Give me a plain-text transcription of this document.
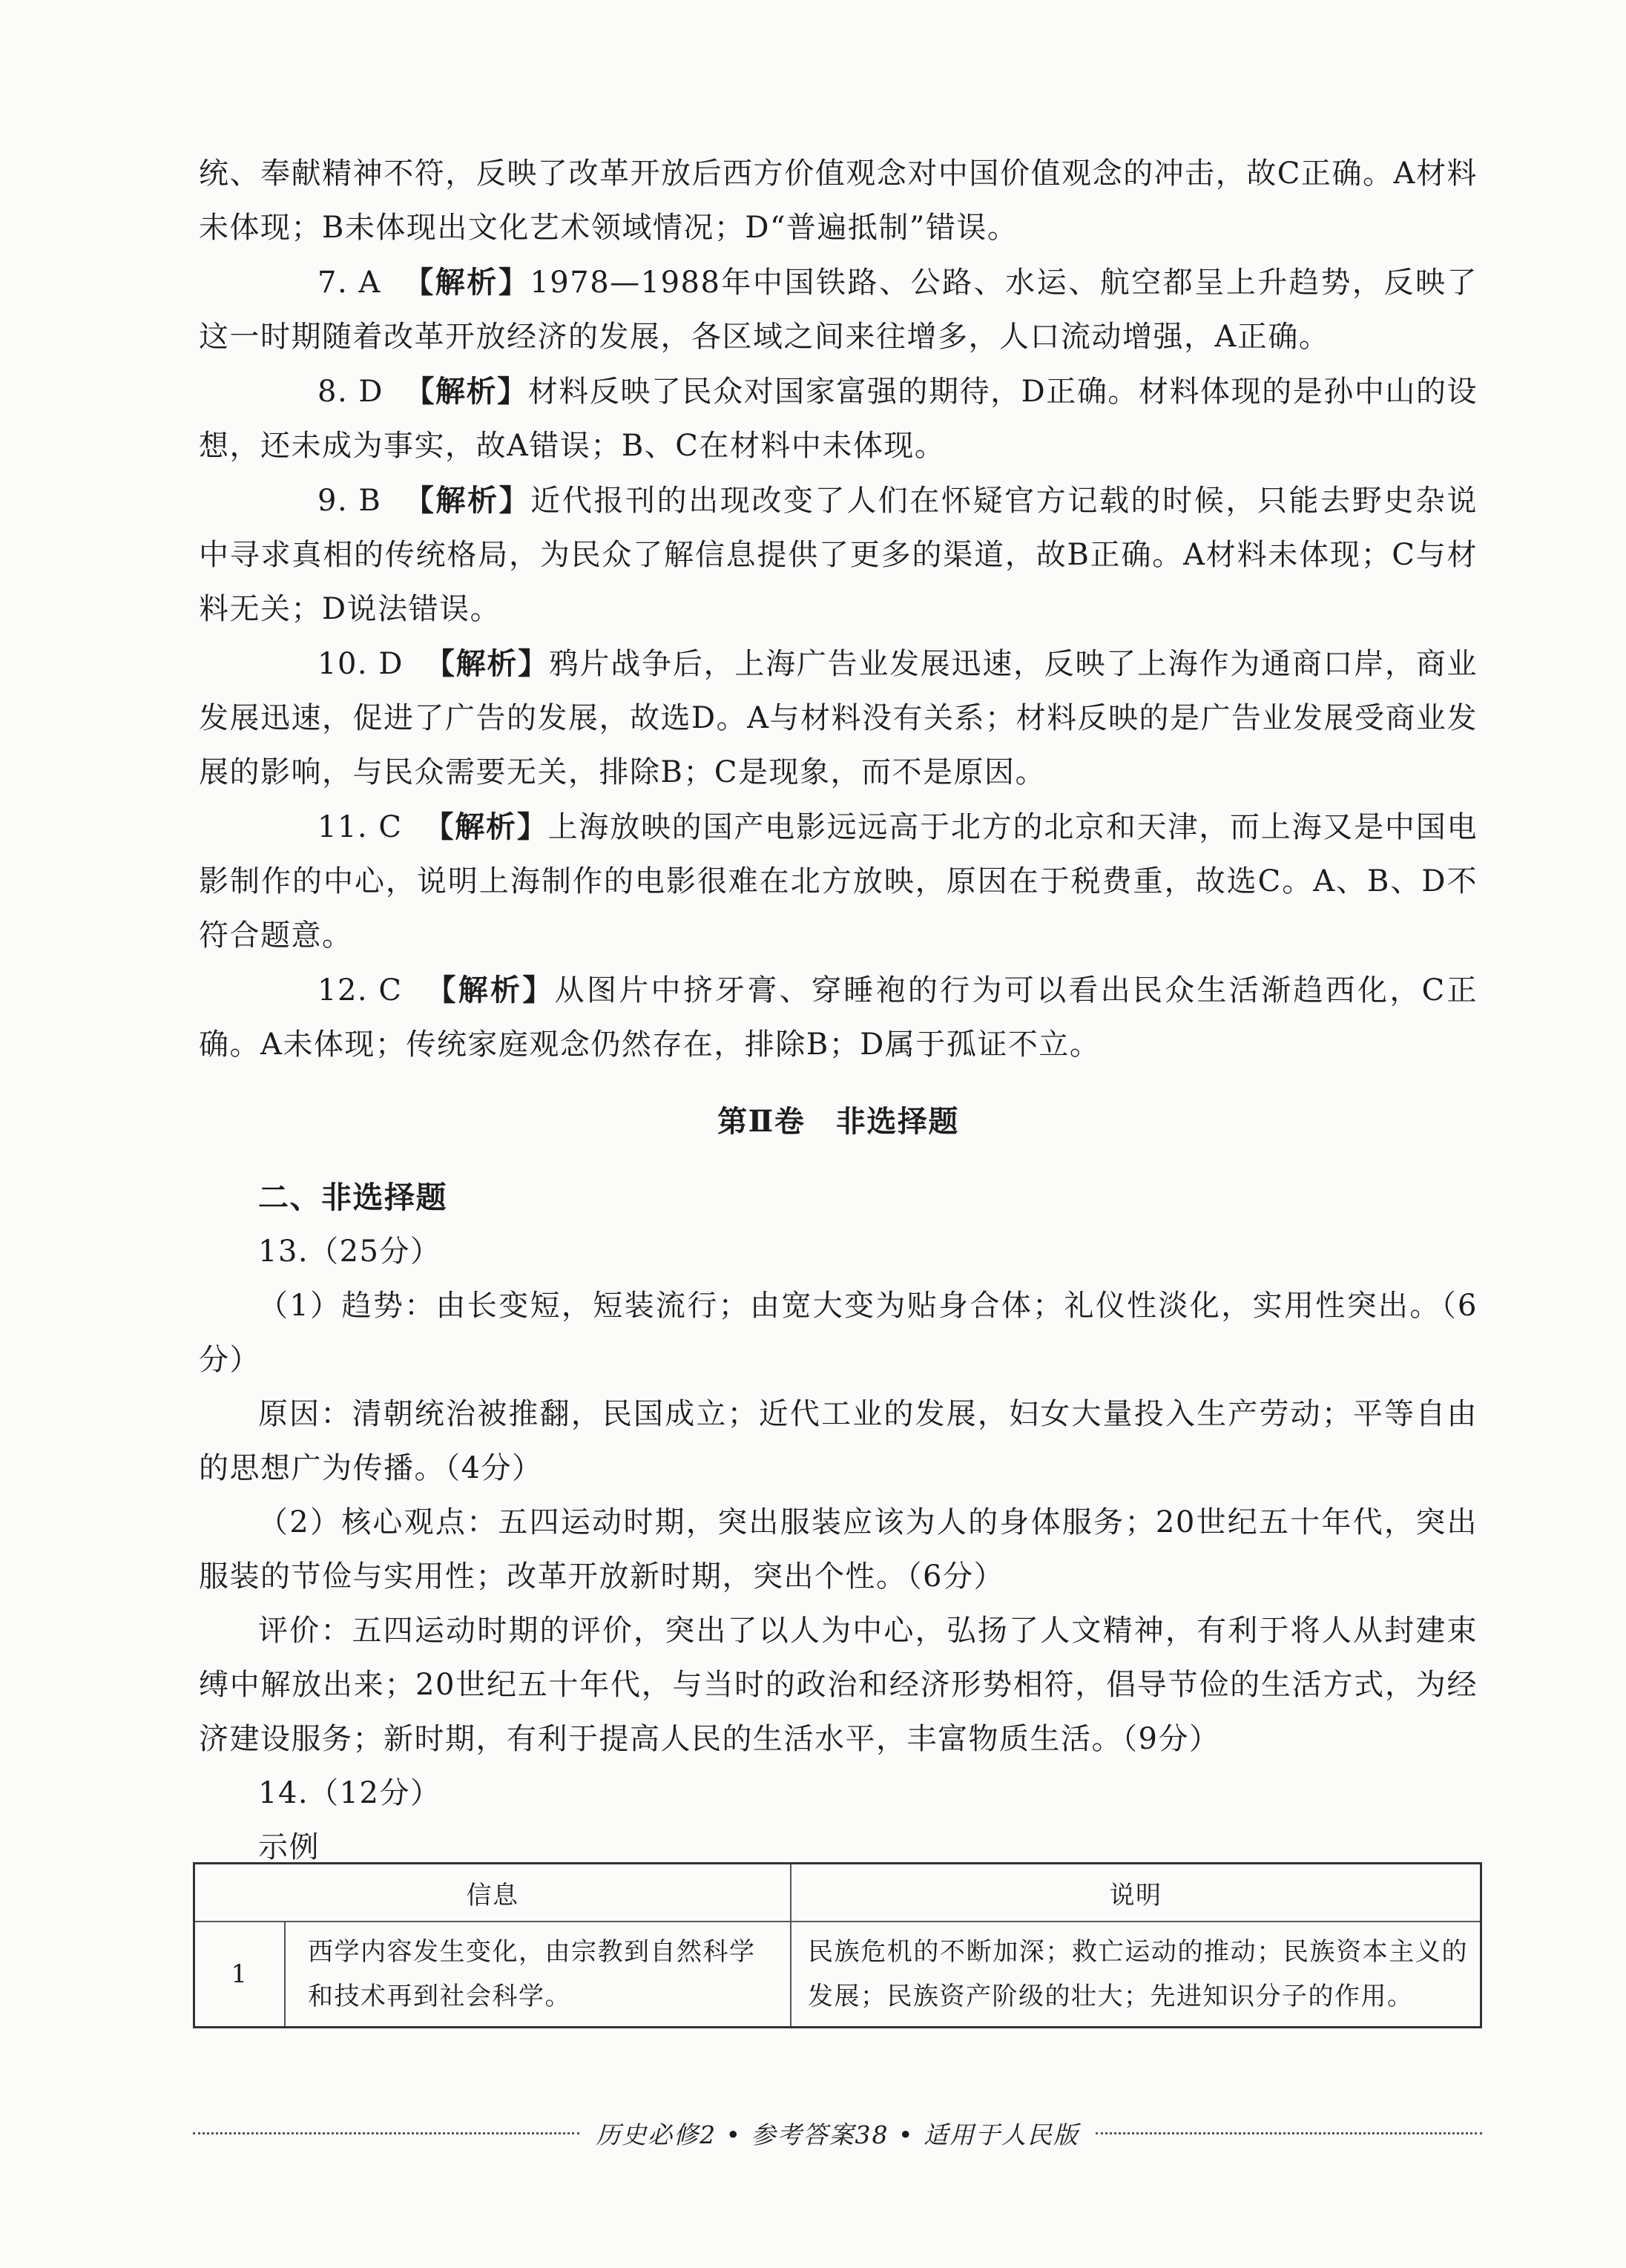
统、奉献精神不符，反映了改革开放后西方价值观念对中国价值观念的冲击，故C正确。A材料未体现；B未体现出文化艺术领域情况；D“普遍抵制”错误。

7. A 【解析】1978—1988年中国铁路、公路、水运、航空都呈上升趋势，反映了这一时期随着改革开放经济的发展，各区域之间来往增多，人口流动增强，A正确。

8. D 【解析】材料反映了民众对国家富强的期待，D正确。材料体现的是孙中山的设想，还未成为事实，故A错误；B、C在材料中未体现。

9. B 【解析】近代报刊的出现改变了人们在怀疑官方记载的时候，只能去野史杂说中寻求真相的传统格局，为民众了解信息提供了更多的渠道，故B正确。A材料未体现；C与材料无关；D说法错误。

10. D 【解析】鸦片战争后，上海广告业发展迅速，反映了上海作为通商口岸，商业发展迅速，促进了广告的发展，故选D。A与材料没有关系；材料反映的是广告业发展受商业发展的影响，与民众需要无关，排除B；C是现象，而不是原因。

11. C 【解析】上海放映的国产电影远远高于北方的北京和天津，而上海又是中国电影制作的中心，说明上海制作的电影很难在北方放映，原因在于税费重，故选C。A、B、D不符合题意。

12. C 【解析】从图片中挤牙膏、穿睡袍的行为可以看出民众生活渐趋西化，C正确。A未体现；传统家庭观念仍然存在，排除B；D属于孤证不立。

第Ⅱ卷　非选择题

二、非选择题

13.（25分）

（1）趋势：由长变短，短装流行；由宽大变为贴身合体；礼仪性淡化，实用性突出。（6分）

原因：清朝统治被推翻，民国成立；近代工业的发展，妇女大量投入生产劳动；平等自由的思想广为传播。（4分）

（2）核心观点：五四运动时期，突出服装应该为人的身体服务；20世纪五十年代，突出服装的节俭与实用性；改革开放新时期，突出个性。（6分）

评价：五四运动时期的评价，突出了以人为中心，弘扬了人文精神，有利于将人从封建束缚中解放出来；20世纪五十年代，与当时的政治和经济形势相符，倡导节俭的生活方式，为经济建设服务；新时期，有利于提高人民的生活水平，丰富物质生活。（9分）

14.（12分）

示例

信息		说明
1	西学内容发生变化，由宗教到自然科学和技术再到社会科学。	民族危机的不断加深；救亡运动的推动；民族资本主义的发展；民族资产阶级的壮大；先进知识分子的作用。
历史必修2 • 参考答案38 • 适用于人民版
